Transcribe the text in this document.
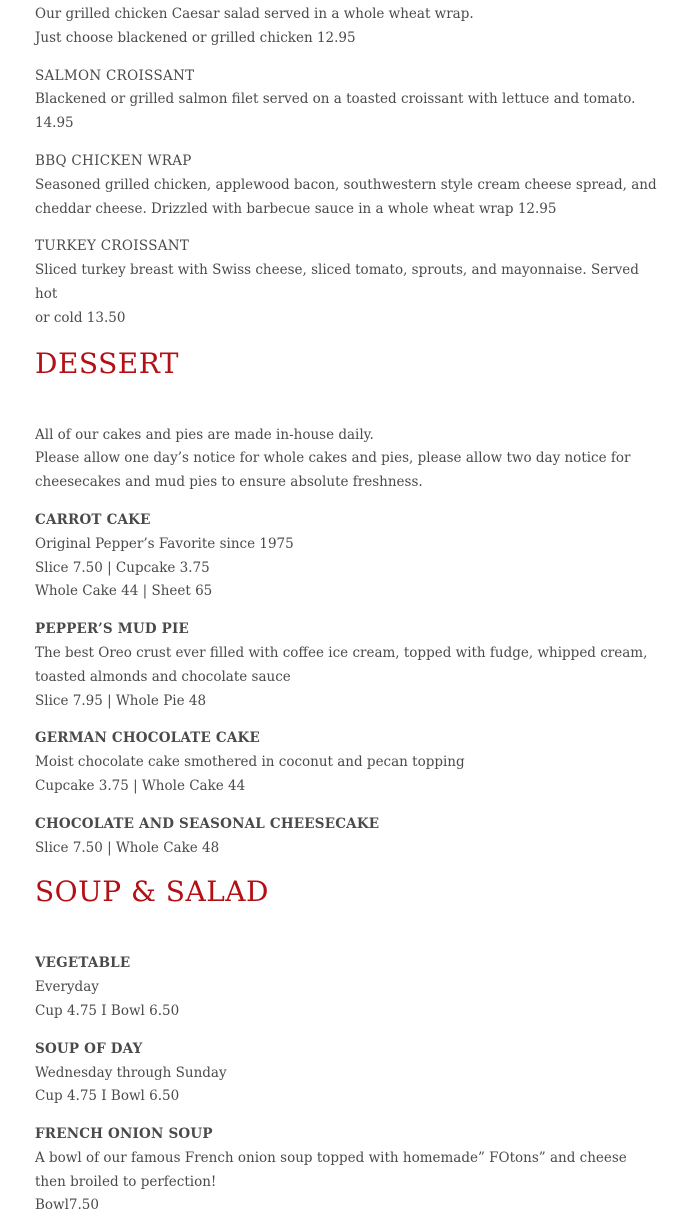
Our grilled chicken Caesar salad served in a whole wheat wrap.
Just choose blackened or grilled chicken 12.95
SALMON CROISSANT
Blackened or grilled salmon filet served on a toasted croissant with lettuce and tomato.
14.95
BBQ CHICKEN WRAP
Seasoned grilled chicken, applewood bacon, southwestern style cream cheese spread, and
cheddar cheese. Drizzled with barbecue sauce in a whole wheat wrap 12.95
TURKEY CROISSANT
Sliced turkey breast with Swiss cheese, sliced tomato, sprouts, and mayonnaise. Served hot
or cold 13.50
DESSERT
All of our cakes and pies are made in-house daily.
Please allow one day’s notice for whole cakes and pies, please allow two day notice for
cheesecakes and mud pies to ensure absolute freshness.
CARROT CAKE
Original Pepper’s Favorite since 1975
Slice 7.50 | Cupcake 3.75
Whole Cake 44 | Sheet 65
PEPPER’S MUD PIE
The best Oreo crust ever filled with coffee ice cream, topped with fudge, whipped cream,
toasted almonds and chocolate sauce
Slice 7.95 | Whole Pie 48
GERMAN CHOCOLATE CAKE
Moist chocolate cake smothered in coconut and pecan topping
Cupcake 3.75 | Whole Cake 44
CHOCOLATE AND SEASONAL CHEESECAKE
Slice 7.50 | Whole Cake 48
SOUP & SALAD
VEGETABLE
Everyday
Cup 4.75 I Bowl 6.50
SOUP OF DAY
Wednesday through Sunday
Cup 4.75 I Bowl 6.50
FRENCH ONION SOUP
A bowl of our famous French onion soup topped with homemade” FOtons” and cheese
then broiled to perfection!
Bowl7.50
